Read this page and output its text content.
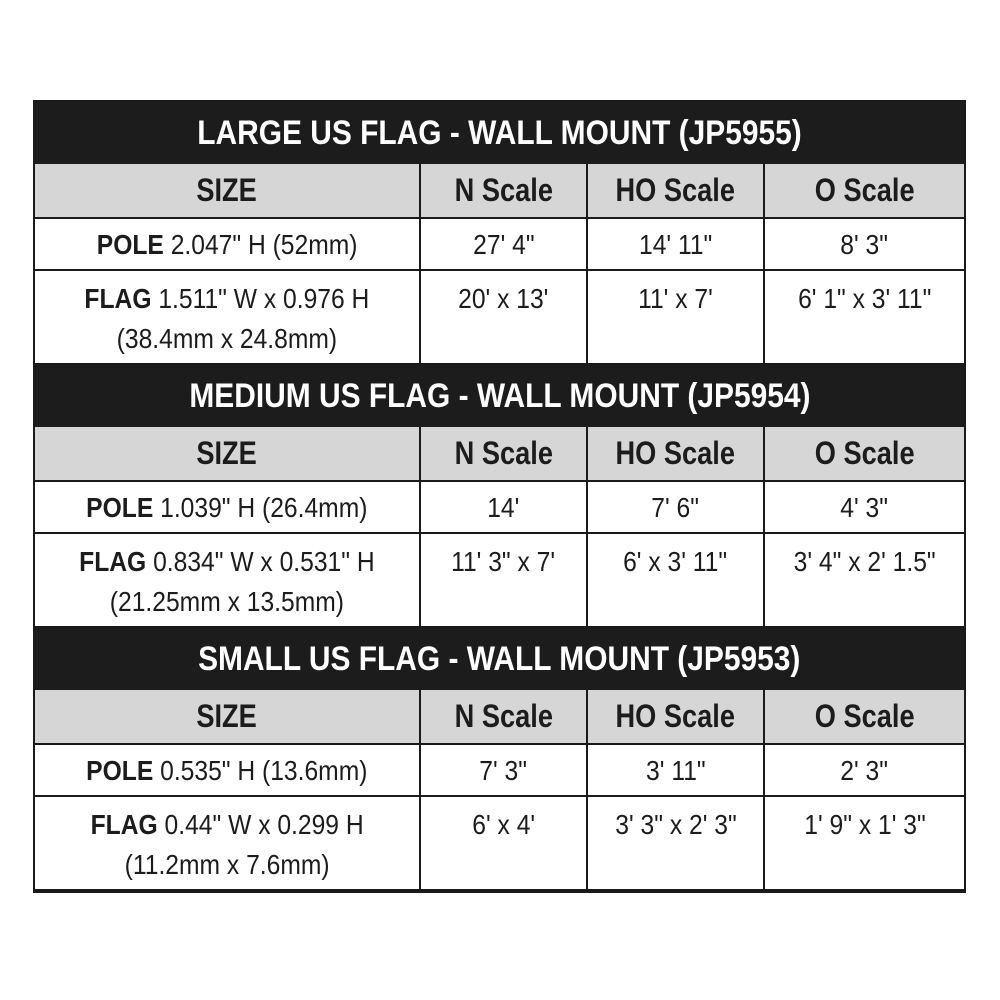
LARGE US FLAG - WALL MOUNT (JP5955)
SIZE	N Scale	HO Scale	O Scale
POLE 2.047" H (52mm)	27' 4"	14' 11"	8' 3"
FLAG 1.511" W x 0.976 H
(38.4mm x 24.8mm)	20' x 13'	11' x 7'	6' 1" x 3' 11"
MEDIUM US FLAG - WALL MOUNT (JP5954)
SIZE	N Scale	HO Scale	O Scale
POLE 1.039" H (26.4mm)	14'	7' 6"	4' 3"
FLAG 0.834" W x 0.531" H
(21.25mm x 13.5mm)	11' 3" x 7'	6' x 3' 11"	3' 4" x 2' 1.5"
SMALL US FLAG - WALL MOUNT (JP5953)
SIZE	N Scale	HO Scale	O Scale
POLE 0.535" H (13.6mm)	7' 3"	3' 11"	2' 3"
FLAG 0.44" W x 0.299 H
(11.2mm x 7.6mm)	6' x 4'	3' 3" x 2' 3"	1' 9" x 1' 3"
